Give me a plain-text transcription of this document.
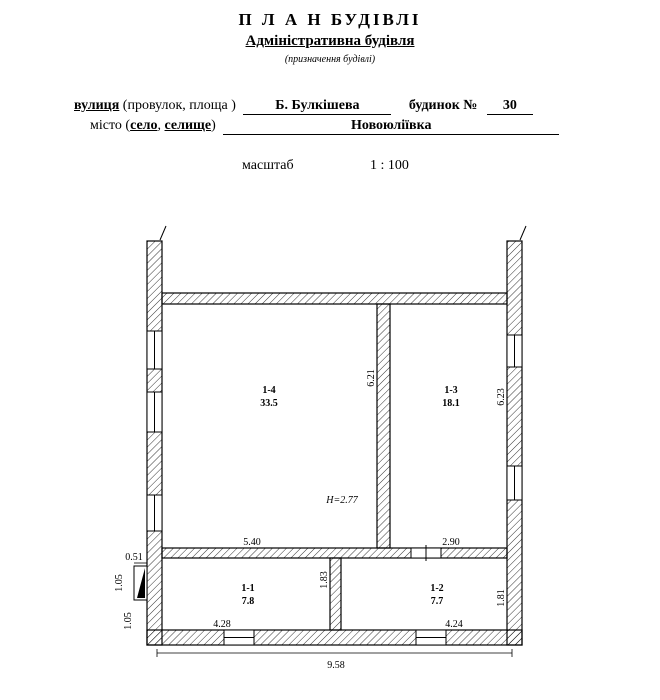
П Л А Н БУДІВЛІ
Адміністративна будівля
(призначення будівлі)
вулиця (провулок, площа )	Б. Булкішева	будинок № 30
місто (село, селище)	Новоюліївка
масштаб	1 : 100
1-4
33.5
1-3
18.1
1-1
7.8
1-2
7.7
6.21
6.23
H=2.77
5.40	2.90
1.83
1.81
4.28	4.24
9.58
0.51
1.05
1.05
